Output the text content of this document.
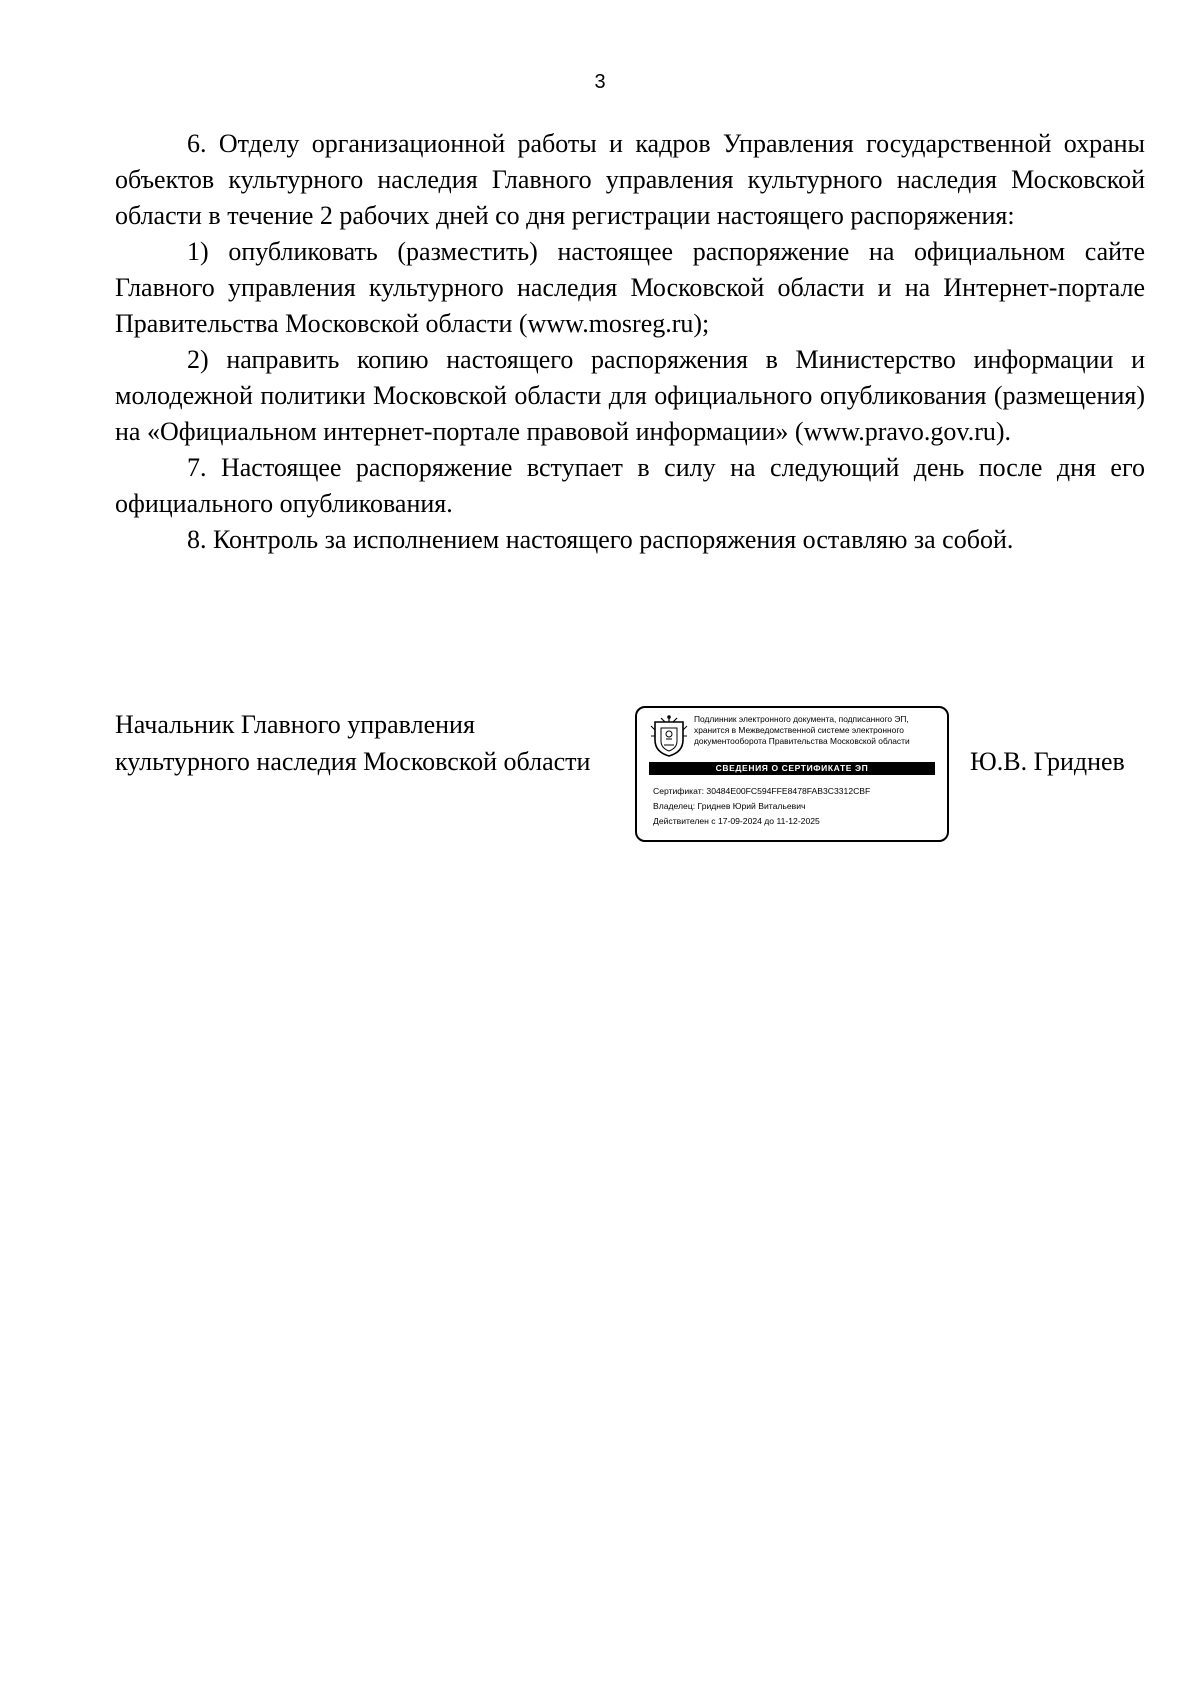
3

6. Отделу организационной работы и кадров Управления государственной охраны объектов культурного наследия Главного управления культурного наследия Московской области в течение 2 рабочих дней со дня регистрации настоящего распоряжения:

1) опубликовать (разместить) настоящее распоряжение на официальном сайте Главного управления культурного наследия Московской области и на Интернет-портале Правительства Московской области (www.mosreg.ru);

2) направить копию настоящего распоряжения в Министерство информации и молодежной политики Московской области для официального опубликования (размещения) на «Официальном интернет-портале правовой информации» (www.pravo.gov.ru).

7. Настоящее распоряжение вступает в силу на следующий день после дня его официального опубликования.

8. Контроль за исполнением настоящего распоряжения оставляю за собой.

Начальник Главного управления
культурного наследия Московской области
Подлинник электронного документа, подписанного ЭП,
хранится в Межведомственной системе электронного
документооборота Правительства Московской области
СВЕДЕНИЯ О СЕРТИФИКАТЕ ЭП
Сертификат: 30484E00FC594FFE8478FAB3C3312CBF
Владелец: Гриднев Юрий Витальевич
Действителен с 17-09-2024 до 11-12-2025
Ю.В. Гриднев
